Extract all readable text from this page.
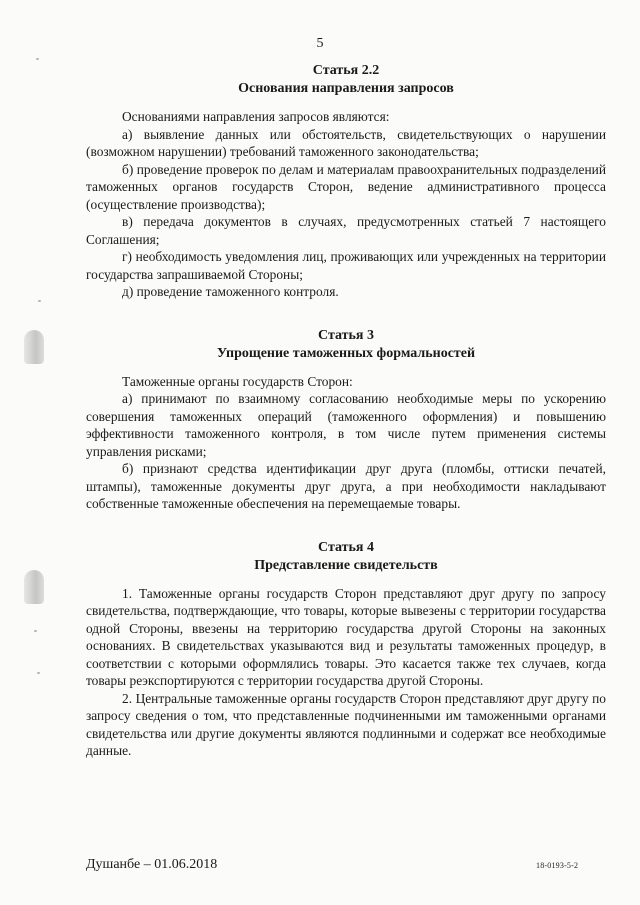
5

Статья 2.2

Основания направления запросов

Основаниями направления запросов являются:

а) выявление данных или обстоятельств, свидетельствующих о нарушении (возможном нарушении) требований таможенного законодательства;

б) проведение проверок по делам и материалам правоохранительных подразделений таможенных органов государств Сторон, ведение административного процесса (осуществление производства);

в) передача документов в случаях, предусмотренных статьей 7 настоящего Соглашения;

г) необходимость уведомления лиц, проживающих или учрежденных на территории государства запрашиваемой Стороны;

д) проведение таможенного контроля.

Статья 3

Упрощение таможенных формальностей

Таможенные органы государств Сторон:

а) принимают по взаимному согласованию необходимые меры по ускорению совершения таможенных операций (таможенного оформления) и повышению эффективности таможенного контроля, в том числе путем применения системы управления рисками;

б) признают средства идентификации друг друга (пломбы, оттиски печатей, штампы), таможенные документы друг друга, а при необходимости накладывают собственные таможенные обеспечения на перемещаемые товары.

Статья 4

Представление свидетельств

1. Таможенные органы государств Сторон представляют друг другу по запросу свидетельства, подтверждающие, что товары, которые вывезены с территории государства одной Стороны, ввезены на территорию государства другой Стороны на законных основаниях. В свидетельствах указываются вид и результаты таможенных процедур, в соответствии с которыми оформлялись товары. Это касается также тех случаев, когда товары реэкспортируются с территории государства другой Стороны.

2. Центральные таможенные органы государств Сторон представляют друг другу по запросу сведения о том, что представленные подчиненными им таможенными органами свидетельства или другие документы являются подлинными и содержат все необходимые данные.

Душанбе – 01.06.2018	18-0193-5-2
